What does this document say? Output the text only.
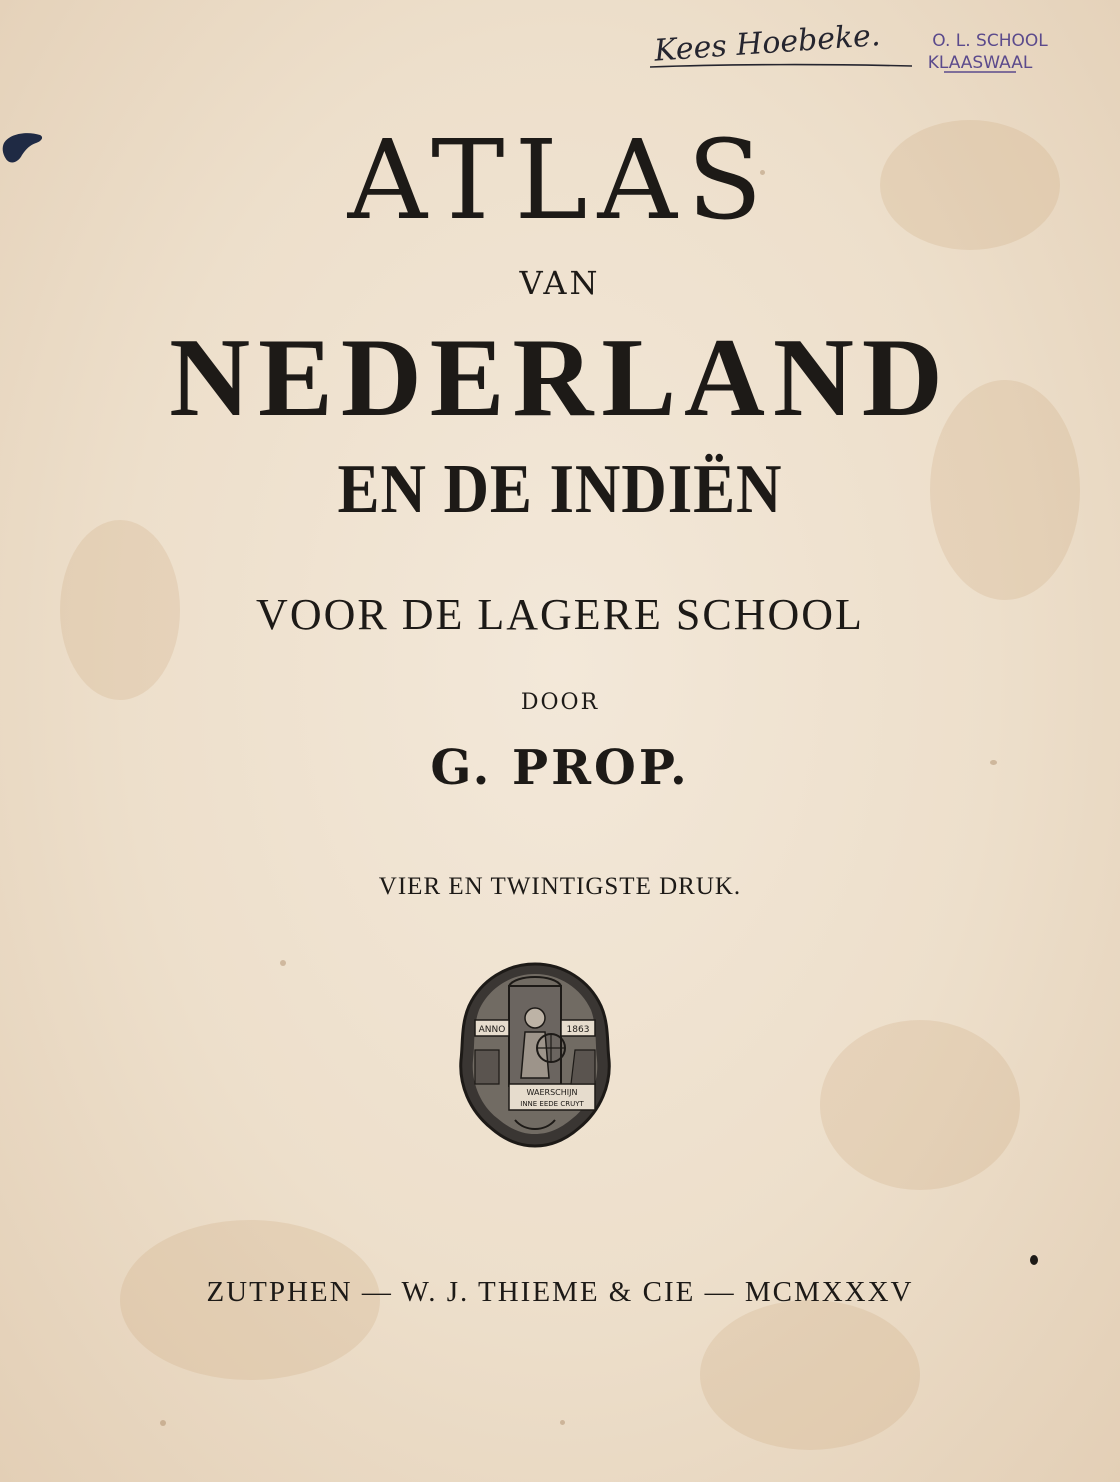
Kees Hoebeke.	O. L. SCHOOL
KLAASWAAL
ATLAS
VAN
NEDERLAND
EN DE INDIËN
VOOR DE LAGERE SCHOOL
DOOR
G. PROP.
VIER EN TWINTIGSTE DRUK.
ANNO	1863
WAERSCHIJN
INNE EEDE CRUYT
ZUTPHEN — W. J. THIEME & CIE — MCMXXXV
